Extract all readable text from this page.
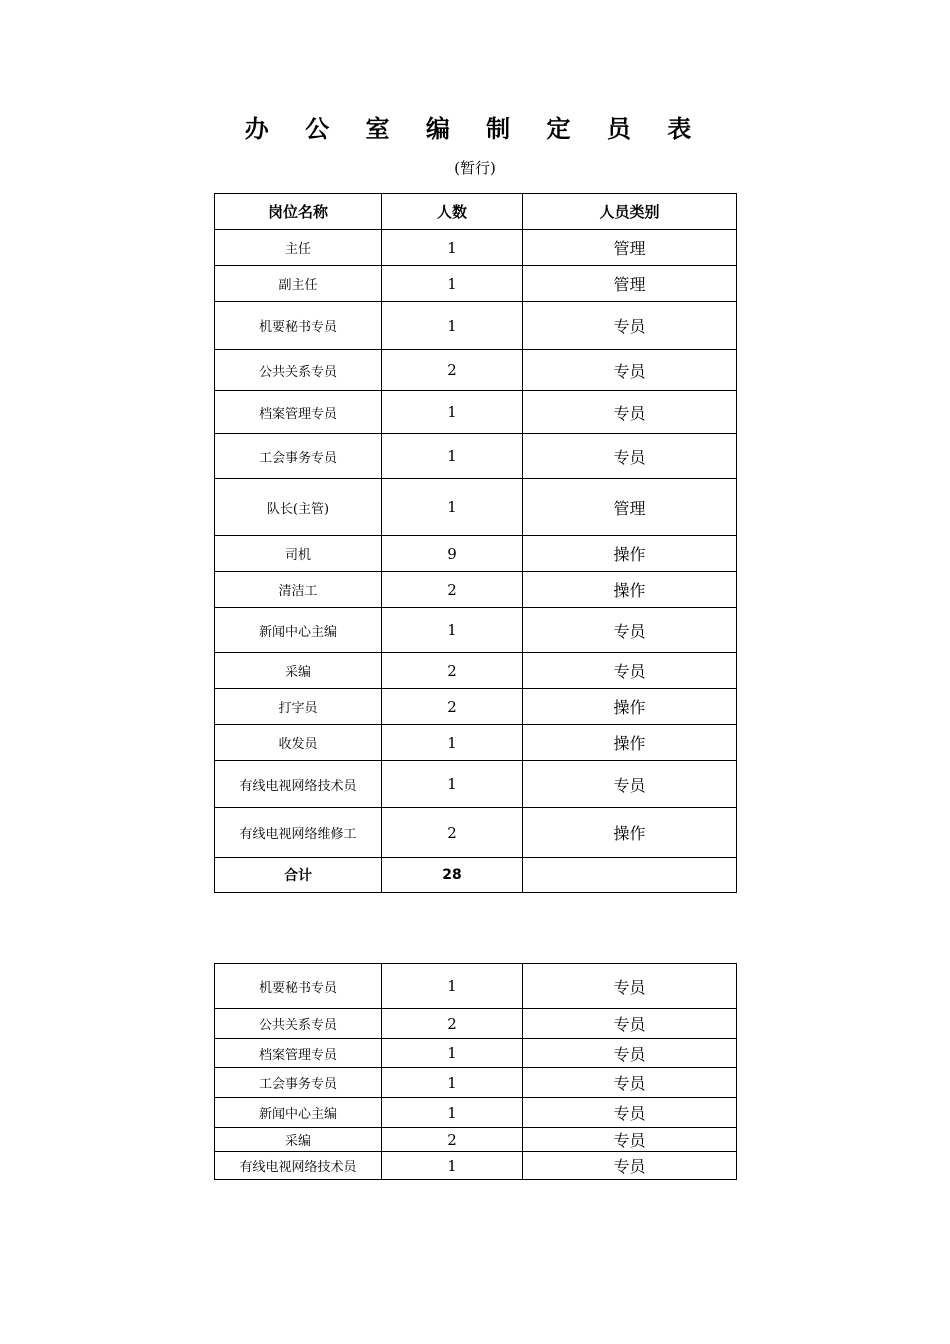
办 公 室 编 制 定 员 表
(暂行)
岗位名称	人数	人员类别
主任	1	管理
副主任	1	管理
机要秘书专员	1	专员
公共关系专员	2	专员
档案管理专员	1	专员
工会事务专员	1	专员
队长(主管)	1	管理
司机	9	操作
清洁工	2	操作
新闻中心主编	1	专员
采编	2	专员
打字员	2	操作
收发员	1	操作
有线电视网络技术员	1	专员
有线电视网络维修工	2	操作
合计	28	
机要秘书专员	1	专员
公共关系专员	2	专员
档案管理专员	1	专员
工会事务专员	1	专员
新闻中心主编	1	专员
采编	2	专员
有线电视网络技术员	1	专员
